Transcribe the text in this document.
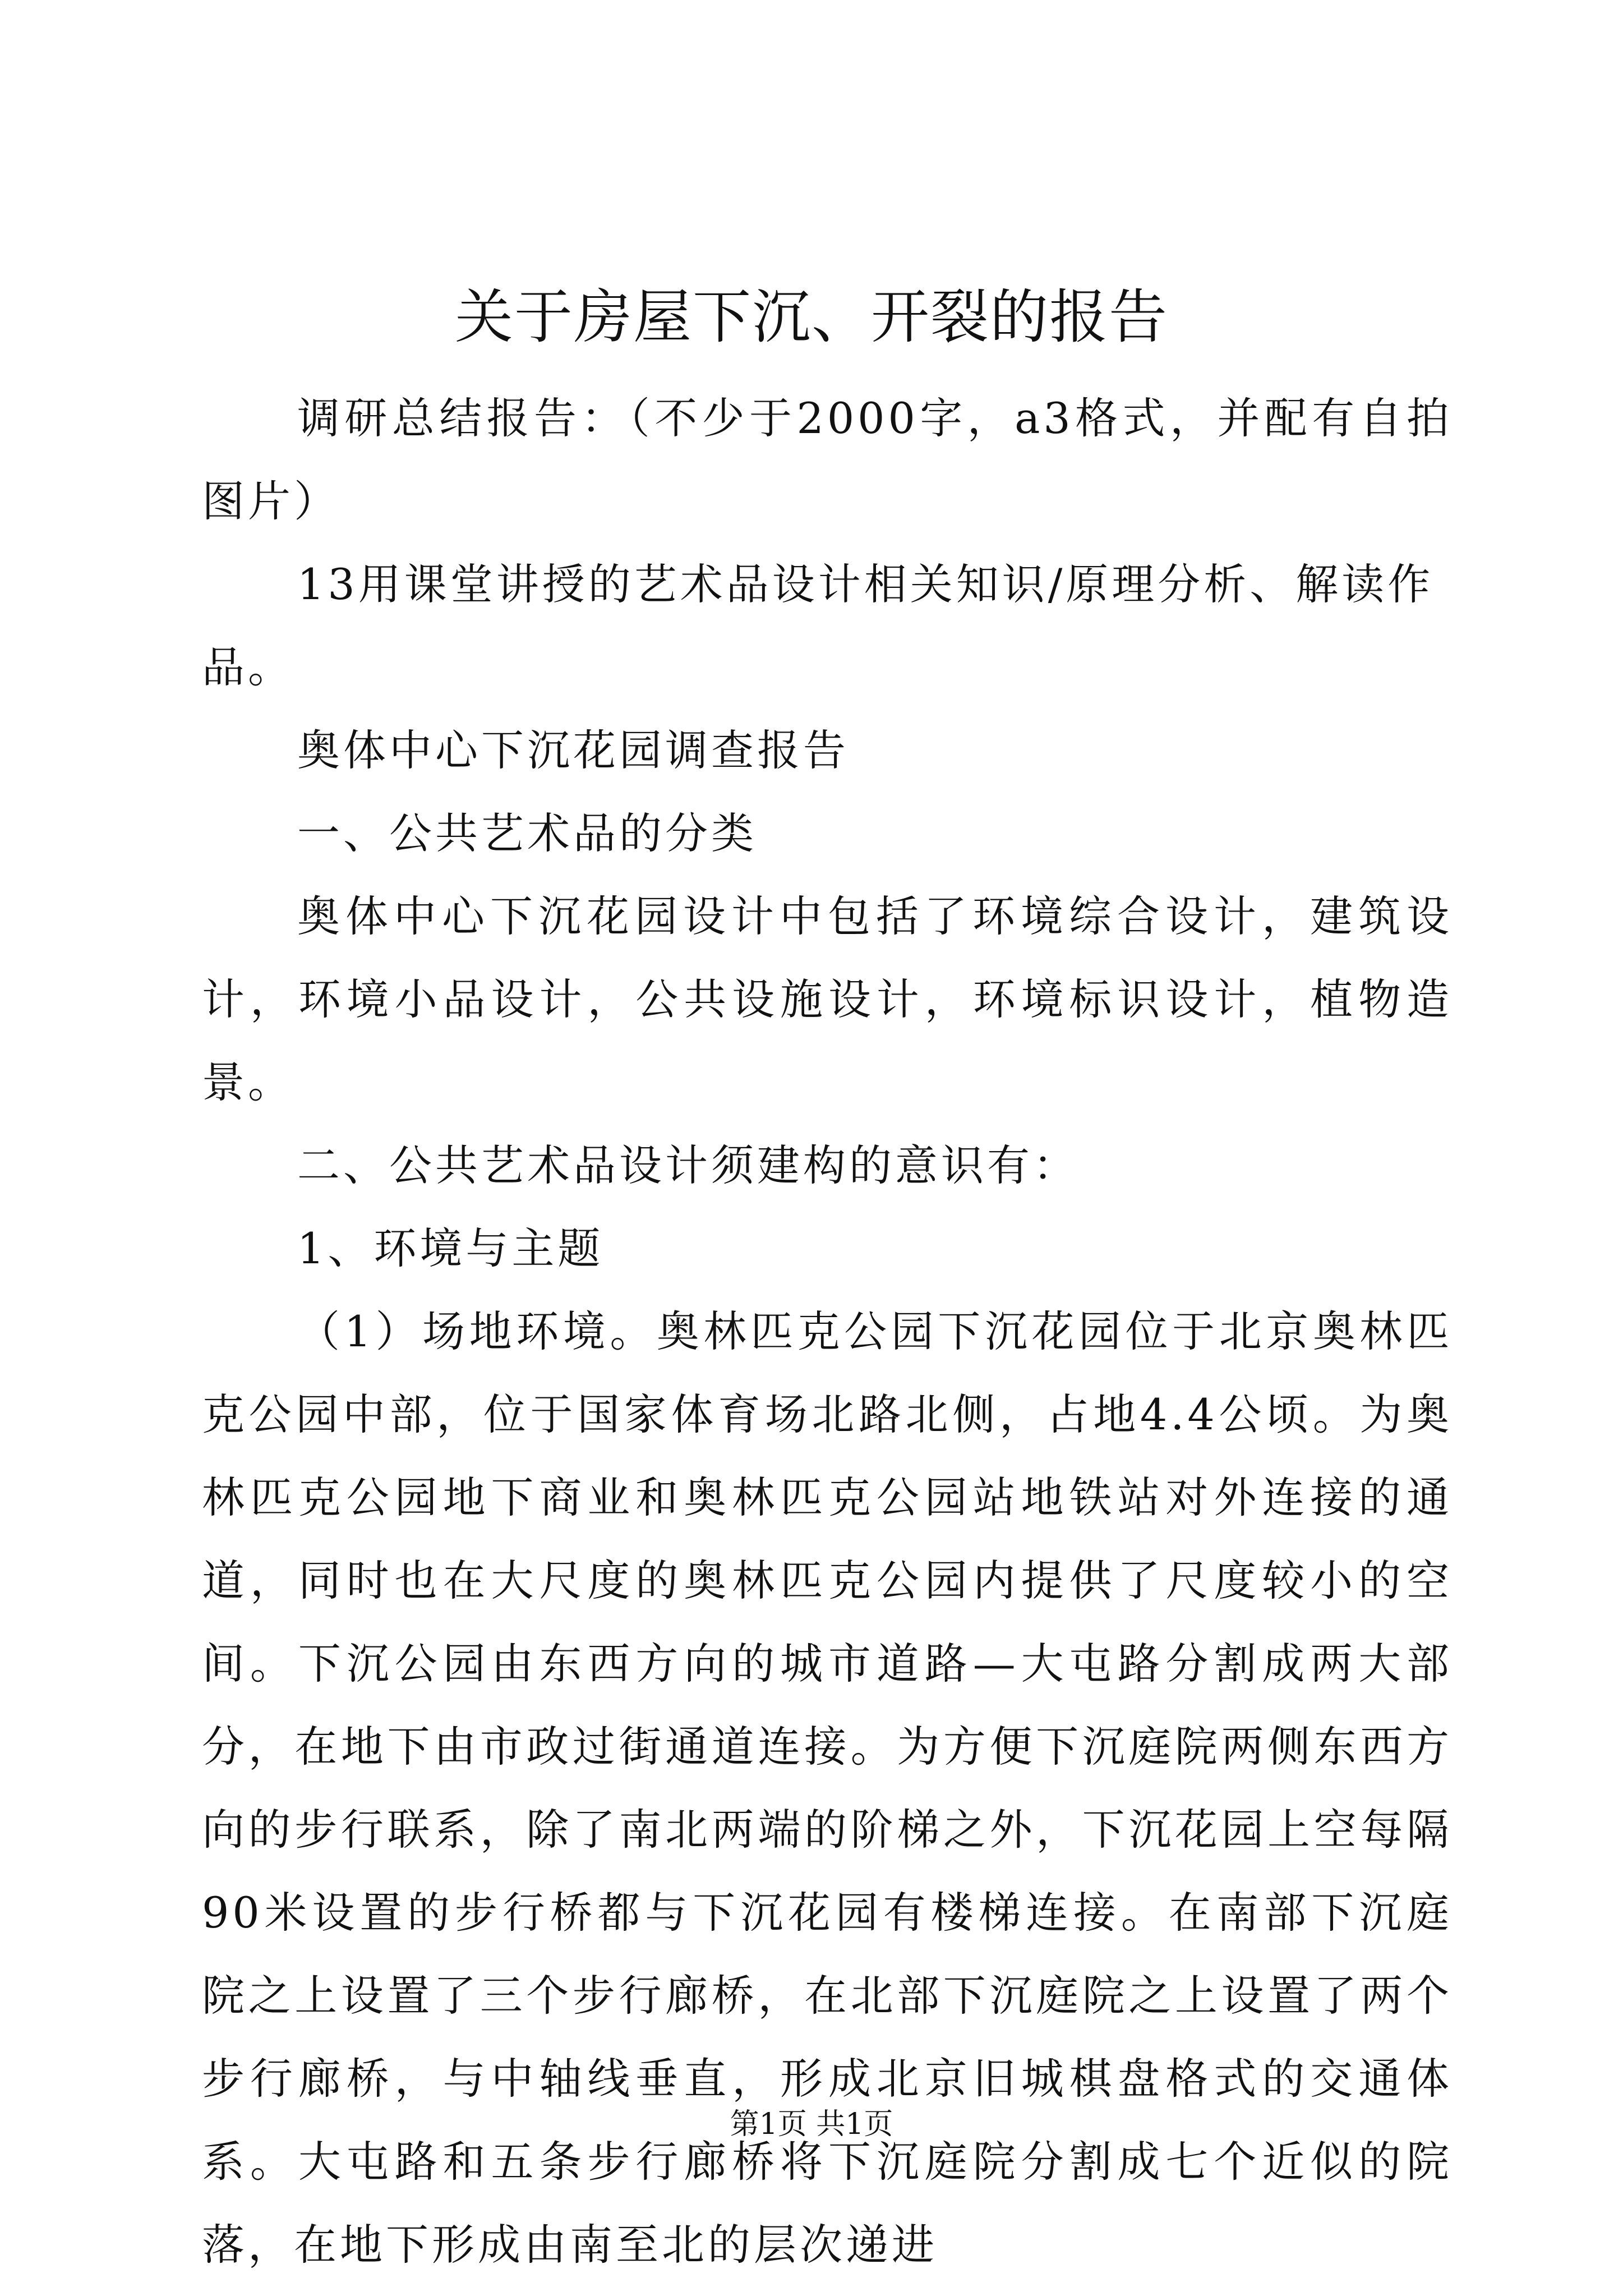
关于房屋下沉、开裂的报告

调研总结报告：（不少于2000字，a3格式，并配有自拍图片）

13用课堂讲授的艺术品设计相关知识/原理分析、解读作品。

奥体中心下沉花园调查报告

一、公共艺术品的分类

奥体中心下沉花园设计中包括了环境综合设计，建筑设计，环境小品设计，公共设施设计，环境标识设计，植物造景。

二、公共艺术品设计须建构的意识有：

1、环境与主题

（1）场地环境。奥林匹克公园下沉花园位于北京奥林匹克公园中部，位于国家体育场北路北侧，占地4.4公顷。为奥林匹克公园地下商业和奥林匹克公园站地铁站对外连接的通道，同时也在大尺度的奥林匹克公园内提供了尺度较小的空间。下沉公园由东西方向的城市道路—大屯路分割成两大部分，在地下由市政过街通道连接。为方便下沉庭院两侧东西方向的步行联系，除了南北两端的阶梯之外，下沉花园上空每隔90米设置的步行桥都与下沉花园有楼梯连接。在南部下沉庭院之上设置了三个步行廊桥，在北部下沉庭院之上设置了两个步行廊桥，与中轴线垂直，形成北京旧城棋盘格式的交通体系。大屯路和五条步行廊桥将下沉庭院分割成七个近似的院落，在地下形成由南至北的层次递进

第1页 共1页
